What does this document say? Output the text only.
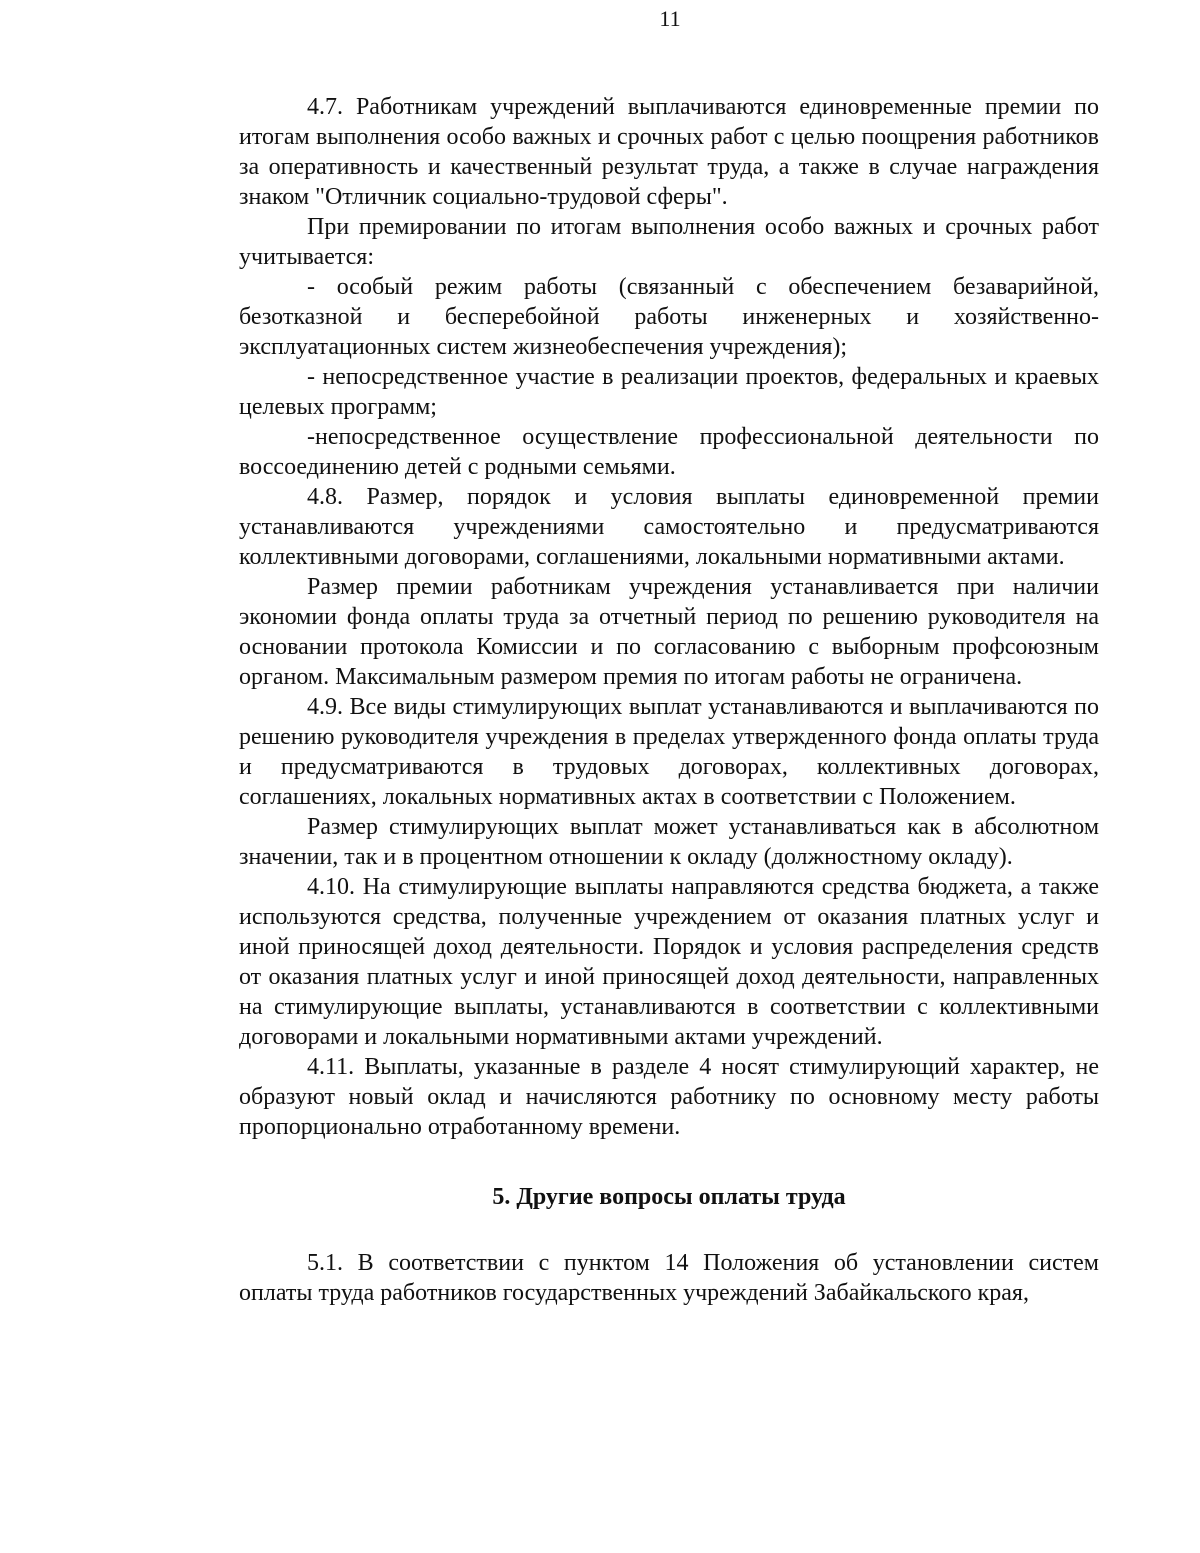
11

4.7. Работникам учреждений выплачиваются единовременные премии по итогам выполнения особо важных и срочных работ с целью поощрения работников за оперативность и качественный результат труда, а также в случае награждения знаком "Отличник социально-трудовой сферы".

При премировании по итогам выполнения особо важных и срочных работ учитывается:

- особый режим работы (связанный с обеспечением безаварийной, безотказной и бесперебойной работы инженерных и хозяйственно-эксплуатационных систем жизнеобеспечения учреждения);

- непосредственное участие в реализации проектов, федеральных и краевых целевых программ;

-непосредственное осуществление профессиональной деятельности по воссоединению детей с родными семьями.

4.8. Размер, порядок и условия выплаты единовременной премии устанавливаются учреждениями самостоятельно и предусматриваются коллективными договорами, соглашениями, локальными нормативными актами.

Размер премии работникам учреждения устанавливается при наличии экономии фонда оплаты труда за отчетный период по решению руководителя на основании протокола Комиссии и по согласованию с выборным профсоюзным органом. Максимальным размером премия по итогам работы не ограничена.

4.9. Все виды стимулирующих выплат устанавливаются и выплачиваются по решению руководителя учреждения в пределах утвержденного фонда оплаты труда и предусматриваются в трудовых договорах, коллективных договорах, соглашениях, локальных нормативных актах в соответствии с Положением.

Размер стимулирующих выплат может устанавливаться как в абсолютном значении, так и в процентном отношении к окладу (должностному окладу).

4.10. На стимулирующие выплаты направляются средства бюджета, а также используются средства, полученные учреждением от оказания платных услуг и иной приносящей доход деятельности. Порядок и условия распределения средств от оказания платных услуг и иной приносящей доход деятельности, направленных на стимулирующие выплаты, устанавливаются в соответствии с коллективными договорами и локальными нормативными актами учреждений.

4.11. Выплаты, указанные в разделе 4 носят стимулирующий характер, не образуют новый оклад и начисляются работнику по основному месту работы пропорционально отработанному времени.

5. Другие вопросы оплаты труда

5.1. В соответствии с пунктом 14 Положения об установлении систем оплаты труда работников государственных учреждений Забайкальского края,
